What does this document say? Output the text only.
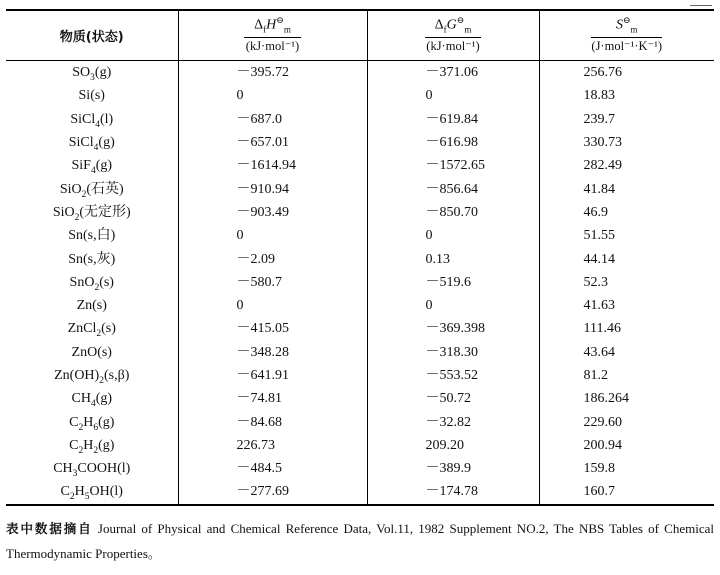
物质(状态)	$\frac{\Delta_fH^⊖_m}{\text{(kJ·mol⁻¹)}}$	$\frac{\Delta_fG^⊖_m}{\text{(kJ·mol⁻¹)}}$	$\frac{S^⊖_m}{\text{(J·mol⁻¹·K⁻¹)}}$

$SO_3(g)$	－395.72	－371.06	256.76
Si(s)	0	0	18.83
SiCl$_4$(l)	－687.0	－619.84	239.7
SiCl$_4$(g)	－657.01	－616.98	330.73
SiF$_4$(g)	－1614.94	－1572.65	282.49
SiO$_2$(石英)	－910.94	－856.64	41.84
SiO$_2$(无定形)	－903.49	－850.70	46.9
Sn(s,白)	0	0	51.55
Sn(s,灰)	－2.09	0.13	44.14
SnO$_2$(s)	－580.7	－519.6	52.3
Zn(s)	0	0	41.63
ZnCl$_2$(s)	－415.05	－369.398	111.46
ZnO(s)	－348.28	－318.30	43.64
$Zn(OH)_2(s,\beta)$	－641.91	－553.52	81.2
$CH_4(g)$	－74.81	－50.72	186.264
$C_2H_6(g)$	－84.68	－32.82	229.60
$C_2H_2(g)$	226.73	209.20	200.94
$CH_3COOH(l)$	－484.5	－389.9	159.8
$C_2H_5OH(l)$	－277.69	－174.78	160.7
表中数据摘自 Journal of Physical and Chemical Reference Data, Vol.11, 1982 Supplement NO.2, The NBS Tables of Chemical Thermodynamic Properties。
